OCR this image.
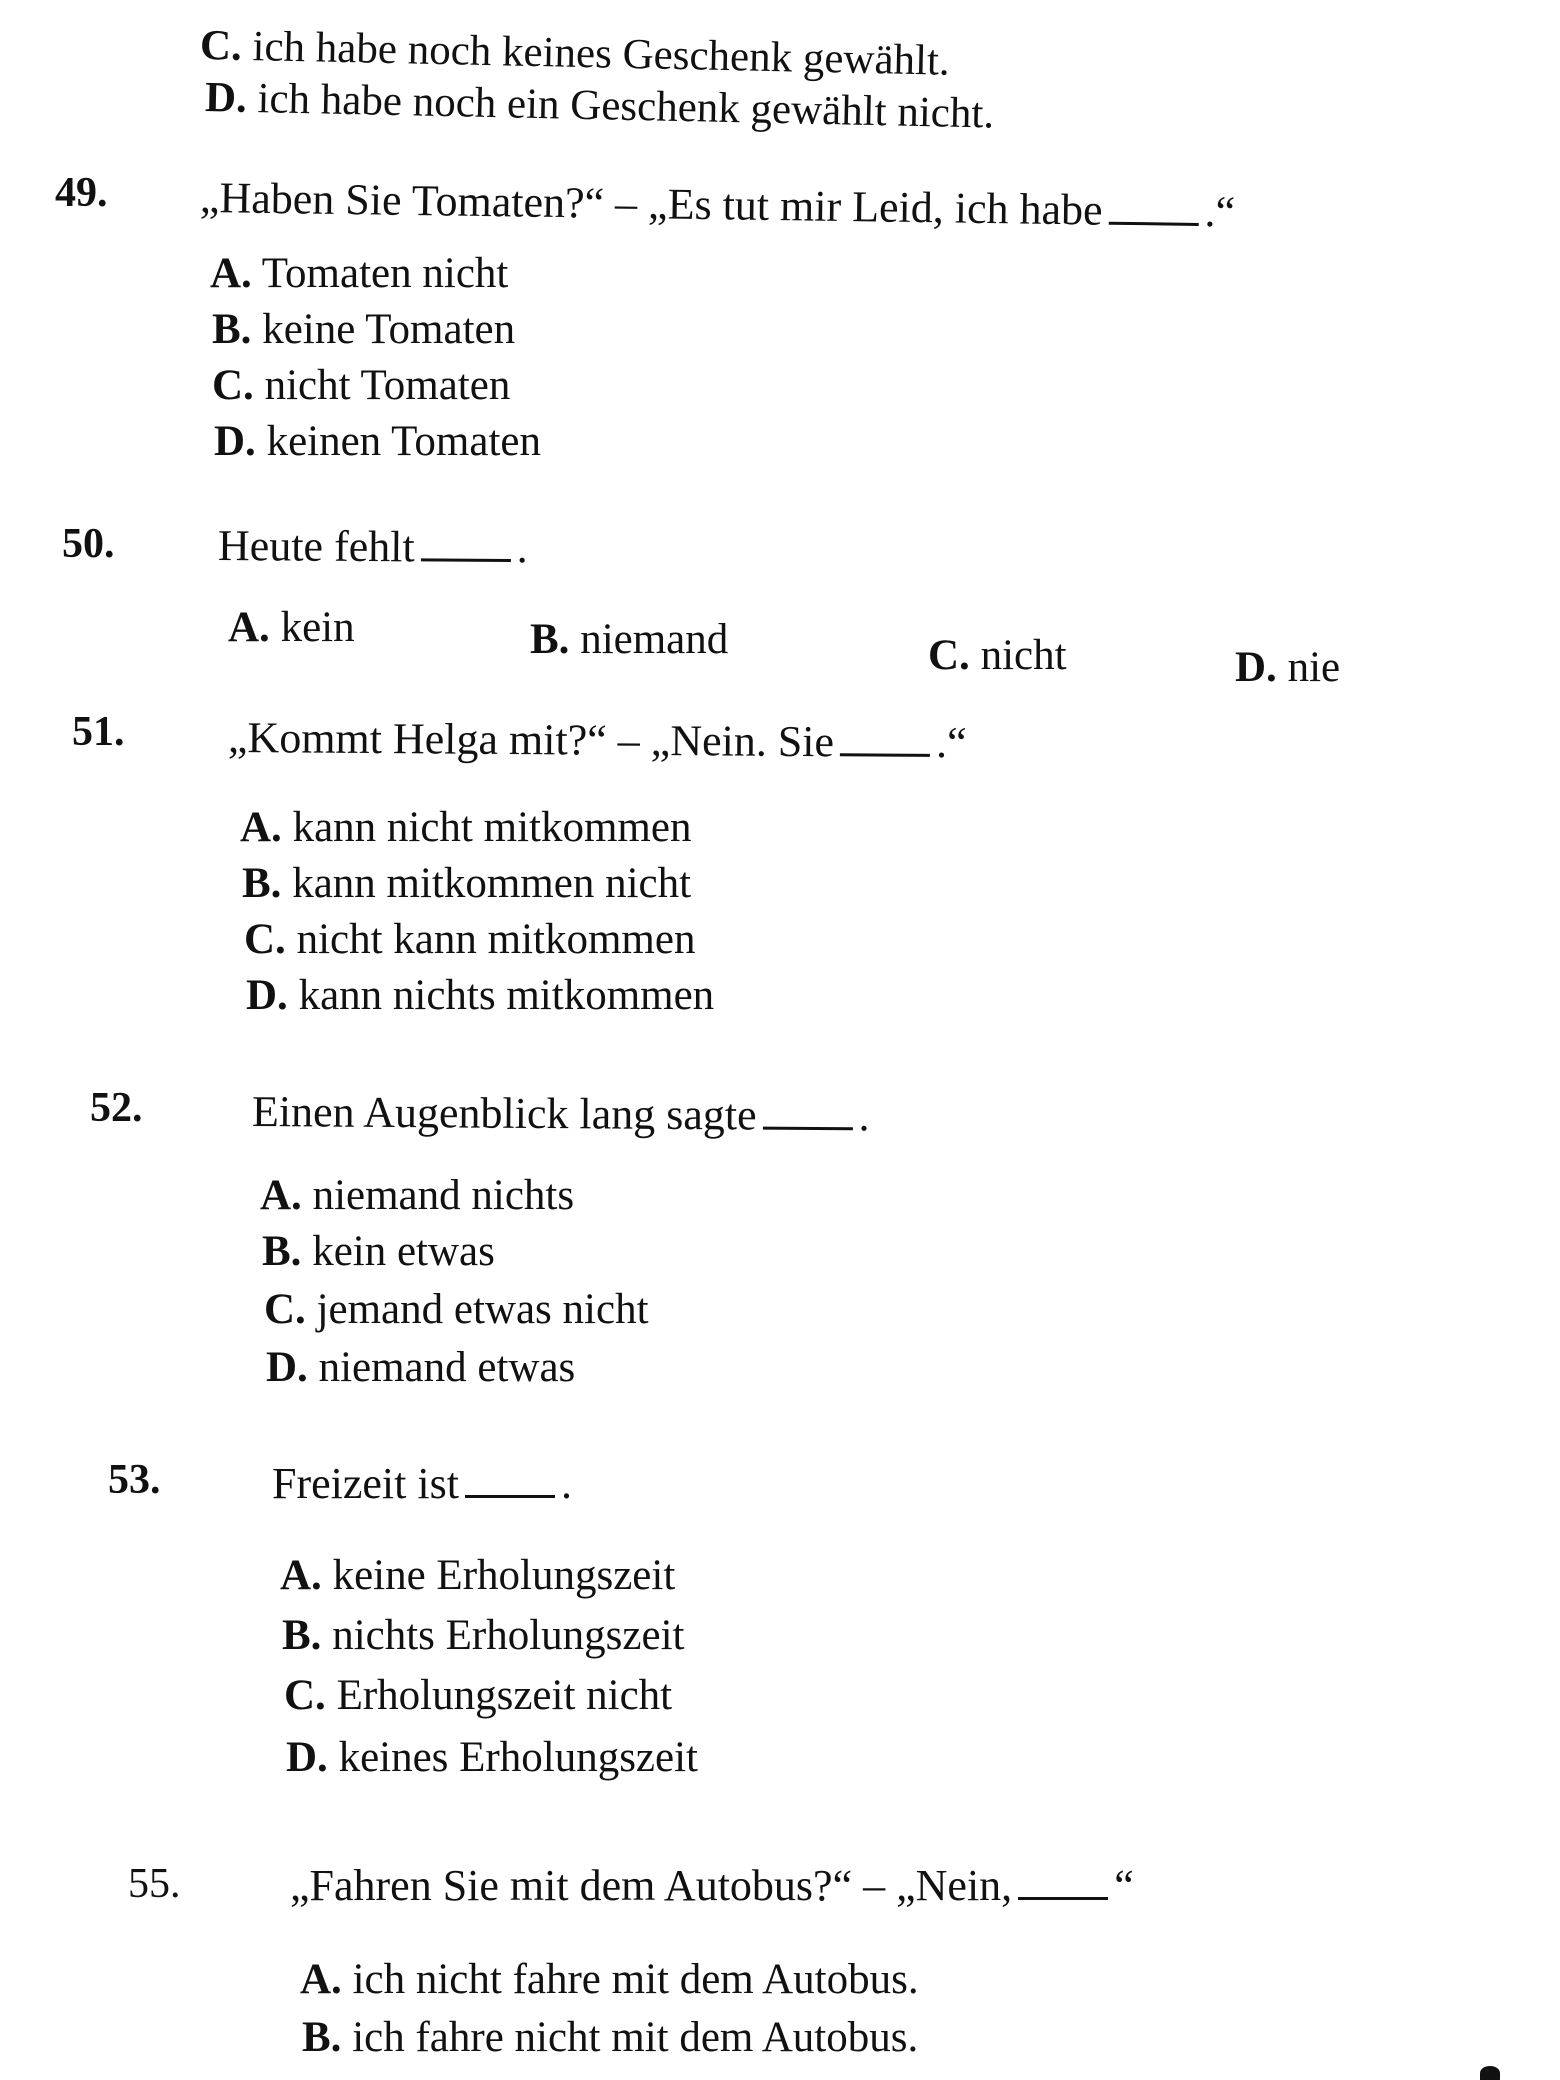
C. ich habe noch keines Geschenk gewählt.
D. ich habe noch ein Geschenk gewählt nicht.
49. „Haben Sie Tomaten?“ – „Es tut mir Leid, ich habe .“
A. Tomaten nicht
B. keine Tomaten
C. nicht Tomaten
D. keinen Tomaten
50. Heute fehlt .
A. kein	B. niemand	C. nicht	D. nie
51. „Kommt Helga mit?“ – „Nein. Sie .“
A. kann nicht mitkommen
B. kann mitkommen nicht
C. nicht kann mitkommen
D. kann nichts mitkommen
52. Einen Augenblick lang sagte .
A. niemand nichts
B. kein etwas
C. jemand etwas nicht
D. niemand etwas
53.	Freizeit ist .
A. keine Erholungszeit
B. nichts Erholungszeit
C. Erholungszeit nicht
D. keines Erholungszeit
55. „Fahren Sie mit dem Autobus?“ – „Nein, “
A. ich nicht fahre mit dem Autobus.
B. ich fahre nicht mit dem Autobus.
